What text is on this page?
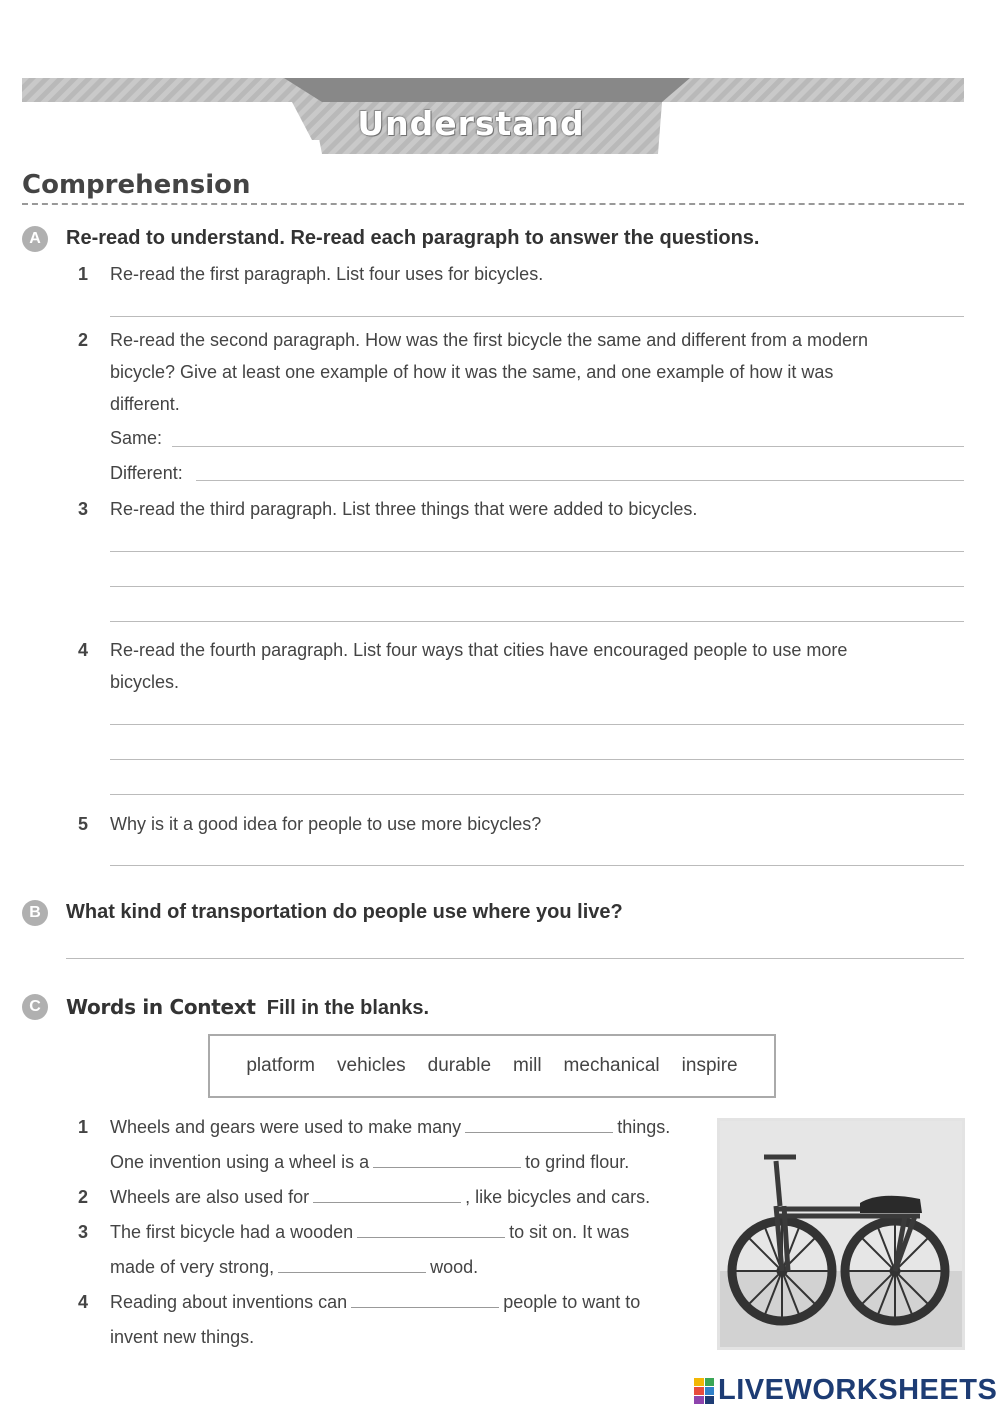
Understand
Comprehension
A	Re-read to understand. Re-read each paragraph to answer the questions.
1 Re-read the first paragraph. List four uses for bicycles.
2 Re-read the second paragraph. How was the first bicycle the same and different from a modern
bicycle? Give at least one example of how it was the same, and one example of how it was
different.
Same:
Different:
3 Re-read the third paragraph. List three things that were added to bicycles.
4 Re-read the fourth paragraph. List four ways that cities have encouraged people to use more
bicycles.
5 Why is it a good idea for people to use more bicycles?
B	What kind of transportation do people use where you live?
C	Words in Context Fill in the blanks.
platform vehicles durable mill mechanical inspire
1 Wheels and gears were used to make many	things.
One invention using a wheel is a	to grind flour.
2 Wheels are also used for	, like bicycles and cars.
3 The first bicycle had a wooden	to sit on. It was
made of very strong,	wood.
4 Reading about inventions can	people to want to
invent new things.
LIVEWORKSHEETS
